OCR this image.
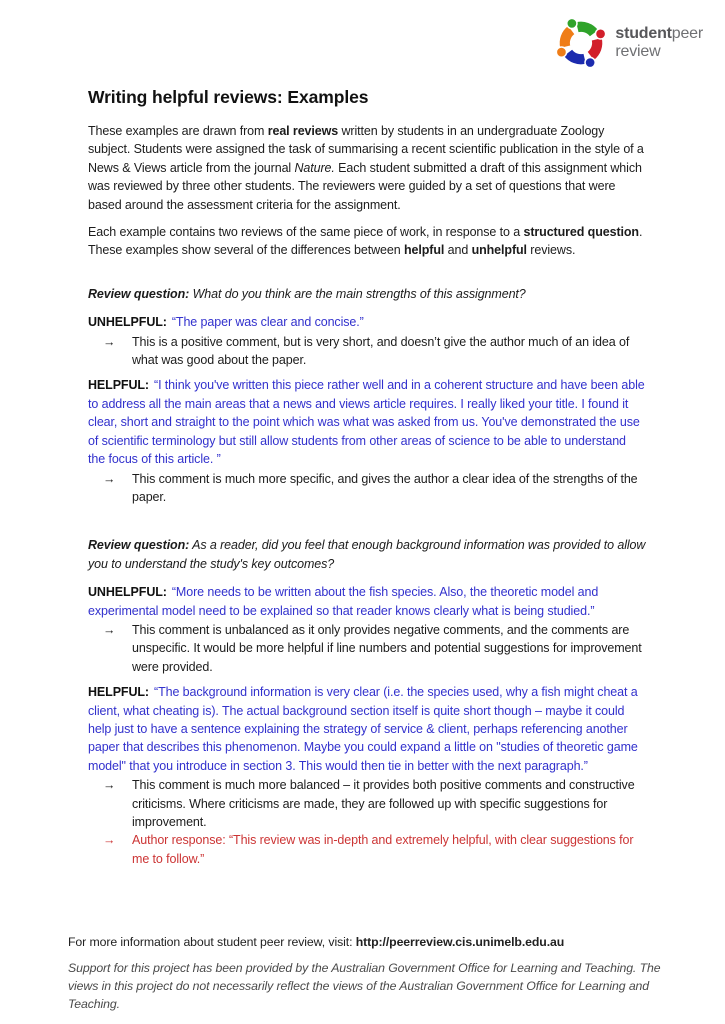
studentpeer
review
Writing helpful reviews: Examples

These examples are drawn from real reviews written by students in an undergraduate Zoology subject. Students were assigned the task of summarising a recent scientific publication in the style of a News & Views article from the journal Nature. Each student submitted a draft of this assignment which was reviewed by three other students. The reviewers were guided by a set of questions that were based around the assessment criteria for the assignment.

Each example contains two reviews of the same piece of work, in response to a structured question. These examples show several of the differences between helpful and unhelpful reviews.

Review question: What do you think are the main strengths of this assignment?

UNHELPFUL: “The paper was clear and concise.”

→ This is a positive comment, but is very short, and doesn’t give the author much of an idea of what was good about the paper.

HELPFUL: “I think you've written this piece rather well and in a coherent structure and have been able to address all the main areas that a news and views article requires. I really liked your title. I found it clear, short and straight to the point which was what was asked from us. You've demonstrated the use of scientific terminology but still allow students from other areas of science to be able to understand the focus of this article. ”

→ This comment is much more specific, and gives the author a clear idea of the strengths of the paper.

Review question: As a reader, did you feel that enough background information was provided to allow you to understand the study's key outcomes?

UNHELPFUL: “More needs to be written about the fish species. Also, the theoretic model and experimental model need to be explained so that reader knows clearly what is being studied.”

→ This comment is unbalanced as it only provides negative comments, and the comments are unspecific. It would be more helpful if line numbers and potential suggestions for improvement were provided.

HELPFUL: “The background information is very clear (i.e. the species used, why a fish might cheat a client, what cheating is). The actual background section itself is quite short though – maybe it could help just to have a sentence explaining the strategy of service & client, perhaps referencing another paper that describes this phenomenon. Maybe you could expand a little on "studies of theoretic game model" that you introduce in section 3. This would then tie in better with the next paragraph.”

→ This comment is much more balanced – it provides both positive comments and constructive criticisms. Where criticisms are made, they are followed up with specific suggestions for improvement.
→ Author response: “This review was in-depth and extremely helpful, with clear suggestions for me to follow.”

For more information about student peer review, visit: http://peerreview.cis.unimelb.edu.au

Support for this project has been provided by the Australian Government Office for Learning and Teaching. The views in this project do not necessarily reflect the views of the Australian Government Office for Learning and Teaching.
